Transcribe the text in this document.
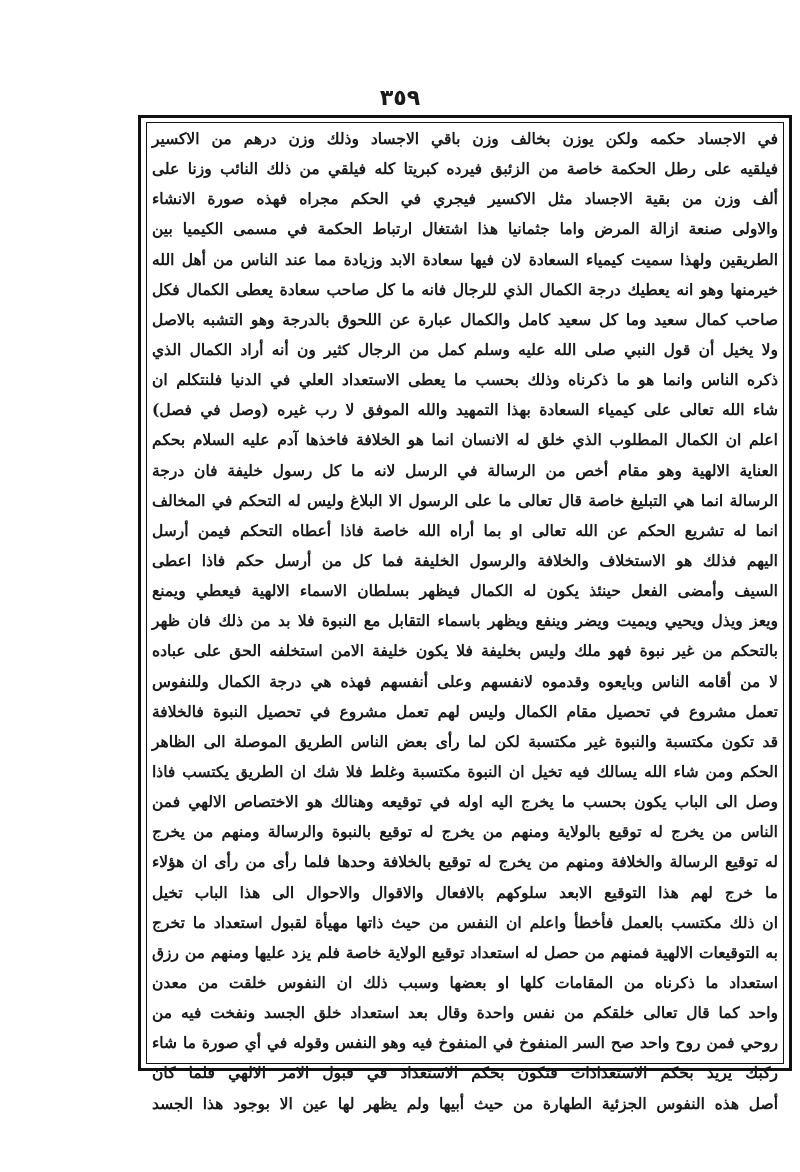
٣٥٩
في الاجساد حكمه ولكن يوزن بخالف وزن باقي الاجساد وذلك وزن درهم من الاكسير
فيلقيه على رطل الحكمة خاصة من الزئبق فيرده كبريتا كله فيلقي من ذلك النائب وزنا على
ألف وزن من بقية الاجساد مثل الاكسير فيجري في الحكم مجراه فهذه صورة الانشاء
والاولى صنعة ازالة المرض واما جثمانيا هذا اشتغال ارتباط الحكمة في مسمى الكيميا بين
الطريقين ولهذا سميت كيمياء السعادة لان فيها سعادة الابد وزيادة مما عند الناس من أهل الله
خيرمنها وهو انه يعطيك درجة الكمال الذي للرجال فانه ما كل صاحب سعادة يعطى الكمال فكل
صاحب كمال سعيد وما كل سعيد كامل والكمال عبارة عن اللحوق بالدرجة وهو التشبه بالاصل
ولا يخيل أن قول النبي صلى الله عليه وسلم كمل من الرجال كثير ون أنه أراد الكمال الذي
ذكره الناس وانما هو ما ذكرناه وذلك بحسب ما يعطى الاستعداد العلي في الدنيا فلنتكلم ان
شاء الله تعالى على كيمياء السعادة بهذا التمهيد والله الموفق لا رب غيره (وصل في فصل)
اعلم ان الكمال المطلوب الذي خلق له الانسان انما هو الخلافة فاخذها آدم عليه السلام بحكم
العناية الالهية وهو مقام أخص من الرسالة في الرسل لانه ما كل رسول خليفة فان درجة
الرسالة انما هي التبليغ خاصة قال تعالى ما على الرسول الا البلاغ وليس له التحكم في المخالف
انما له تشريع الحكم عن الله تعالى او بما أراه الله خاصة فاذا أعطاه التحكم فيمن أرسل
اليهم فذلك هو الاستخلاف والخلافة والرسول الخليفة فما كل من أرسل حكم فاذا اعطى
السيف وأمضى الفعل حينئذ يكون له الكمال فيظهر بسلطان الاسماء الالهية فيعطي ويمنع
ويعز ويذل ويحيي ويميت ويضر وينفع ويظهر باسماء التقابل مع النبوة فلا بد من ذلك فان ظهر
بالتحكم من غير نبوة فهو ملك وليس بخليفة فلا يكون خليفة الامن استخلفه الحق على عباده
لا من أقامه الناس وبايعوه وقدموه لانفسهم وعلى أنفسهم فهذه هي درجة الكمال وللنفوس
تعمل مشروع في تحصيل مقام الكمال وليس لهم تعمل مشروع في تحصيل النبوة فالخلافة
قد تكون مكتسبة والنبوة غير مكتسبة لكن لما رأى بعض الناس الطريق الموصلة الى الظاهر
الحكم ومن شاء الله يسالك فيه تخيل ان النبوة مكتسبة وغلط فلا شك ان الطريق يكتسب فاذا
وصل الى الباب يكون بحسب ما يخرج اليه اوله في توقيعه وهنالك هو الاختصاص الالهي فمن
الناس من يخرج له توقيع بالولاية ومنهم من يخرج له توقيع بالنبوة والرسالة ومنهم من يخرج
له توقيع الرسالة والخلافة ومنهم من يخرج له توقيع بالخلافة وحدها فلما رأى من رأى ان هؤلاء
ما خرج لهم هذا التوقيع الابعد سلوكهم بالافعال والاقوال والاحوال الى هذا الباب تخيل
ان ذلك مكتسب بالعمل فأخطأ واعلم ان النفس من حيث ذاتها مهيأة لقبول استعداد ما تخرج
به التوقيعات الالهية فمنهم من حصل له استعداد توقيع الولاية خاصة فلم يزد عليها ومنهم من رزق
استعداد ما ذكرناه من المقامات كلها او بعضها وسبب ذلك ان النفوس خلقت من معدن
واحد كما قال تعالى خلقكم من نفس واحدة وقال بعد استعداد خلق الجسد ونفخت فيه من
روحي فمن روح واحد صح السر المنفوخ في المنفوخ فيه وهو النفس وقوله في أي صورة ما شاء
ركبك يريد بحكم الاستعدادات فتكون بحكم الاستعداد في قبول الامر الالهي فلما كان
أصل هذه النفوس الجزئية الطهارة من حيث أبيها ولم يظهر لها عين الا بوجود هذا الجسد
